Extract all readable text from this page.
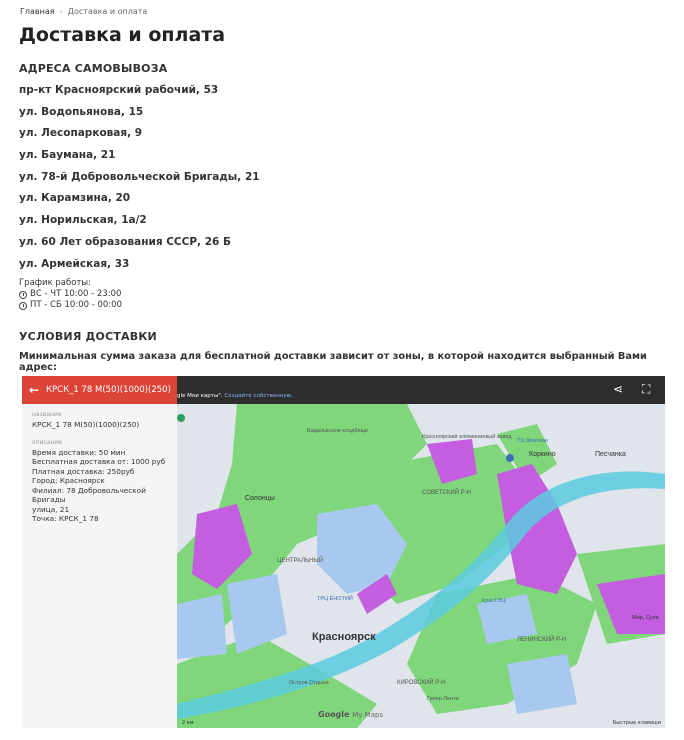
Главная › Доставка и оплата
Доставка и оплата
АДРЕСА САМОВЫВОЗА
пр-кт Красноярский рабочий, 53
ул. Водопьянова, 15
ул. Лесопарковая, 9
ул. Баумана, 21
ул. 78-й Добровольческой Бригады, 21
ул. Карамзина, 20
ул. Норильская, 1а/2
ул. 60 Лет образования СССР, 26 Б
ул. Армейская, 33
График работы:
ВС - ЧТ 10:00 - 23:00
ПТ - СБ 10:00 - 00:00
УСЛОВИЯ ДОСТАВКИ
Минимальная сумма заказа для бесплатной доставки зависит от зоны, в которой находится выбранный Вами адрес:
← КРСК_1 78 М(50)(1000)(250)
gle Мои карты". Создайте собственную.	⋖ ⛶
название
КРСК_1 78 М(50)(1000)(250)
описание
Время доставки: 50 мин
Бесплатная доставка от: 1000 руб
Платная доставка: 250руб
Город: Красноярск
Филиал: 78 Добровольческой Бригады
улица, 21
Точка: КРСК_1 78
Красноярск
Солонцы
Коркино	Песчанка
СОВЕТСКИЙ Р-Н
ЦЕНТРАЛЬНЫЙ
ЛЕНИНСКИЙ Р-Н
КИРОВСКИЙ Р-Н
Бадалыкское кладбище
Красноярский алюминиевый завод
ТЦ Флагман
КрасТЭЦ
ТРЦ ЕНОТИЙ
Остров Отдыха
Гипер Лента
Мир, Сули
2 км
Google My Maps
Быстрые клавиши
